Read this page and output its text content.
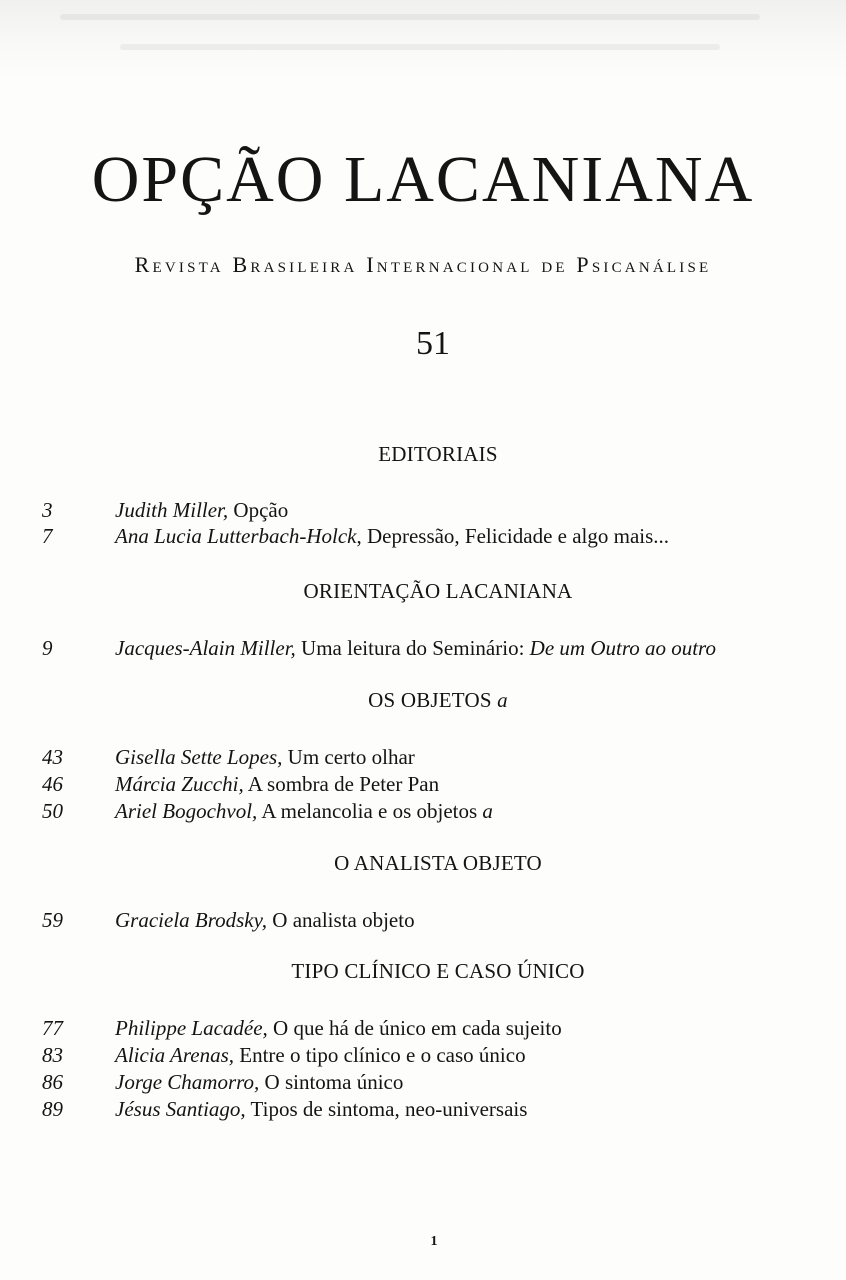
OPÇÃO LACANIANA
Revista Brasileira Internacional de Psicanálise
51
EDITORIAIS
3	Judith Miller, Opção
7	Ana Lucia Lutterbach-Holck, Depressão, Felicidade e algo mais...
ORIENTAÇÃO LACANIANA
9	Jacques-Alain Miller, Uma leitura do Seminário: De um Outro ao outro
OS OBJETOS a
43 Gisella Sette Lopes, Um certo olhar
46 Márcia Zucchi, A sombra de Peter Pan
50 Ariel Bogochvol, A melancolia e os objetos a
O ANALISTA OBJETO
59 Graciela Brodsky, O analista objeto
TIPO CLÍNICO E CASO ÚNICO
77 Philippe Lacadée, O que há de único em cada sujeito
83 Alicia Arenas, Entre o tipo clínico e o caso único
86 Jorge Chamorro, O sintoma único
89 Jésus Santiago, Tipos de sintoma, neo-universais
1
